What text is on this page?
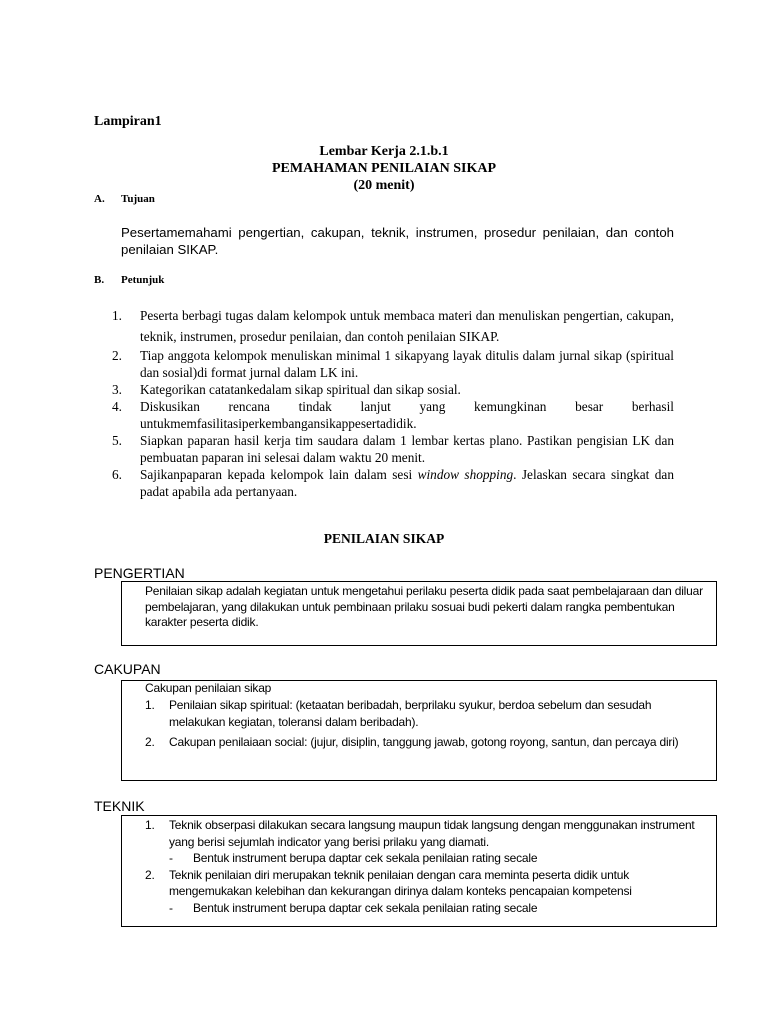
Lampiran1
Lembar Kerja 2.1.b.1
PEMAHAMAN PENILAIAN SIKAP
(20 menit)
A. Tujuan
Pesertamemahami pengertian, cakupan, teknik, instrumen, prosedur penilaian, dan contoh penilaian SIKAP.
B. Petunjuk
1. Peserta berbagi tugas dalam kelompok untuk membaca materi dan menuliskan pengertian, cakupan, teknik, instrumen, prosedur penilaian, dan contoh penilaian SIKAP.
2. Tiap anggota kelompok menuliskan minimal 1 sikapyang layak ditulis dalam jurnal sikap (spiritual dan sosial)di format jurnal dalam LK ini.
3. Kategorikan catatankedalam sikap spiritual dan sikap sosial.
4. Diskusikan rencana tindak lanjut yang kemungkinan besar berhasil untukmemfasilitasiperkembangansikappesertadidik.
5. Siapkan paparan hasil kerja tim saudara dalam 1 lembar kertas plano. Pastikan pengisian LK dan pembuatan paparan ini selesai dalam waktu 20 menit.
6. Sajikanpaparan kepada kelompok lain dalam sesi window shopping. Jelaskan secara singkat dan padat apabila ada pertanyaan.
PENILAIAN SIKAP
PENGERTIAN
Penilaian sikap adalah kegiatan untuk mengetahui perilaku peserta didik pada saat pembelajaraan dan diluar pembelajaran, yang dilakukan untuk pembinaan prilaku sosuai budi pekerti dalam rangka pembentukan karakter peserta didik.
CAKUPAN
Cakupan penilaian sikap
1. Penilaian sikap spiritual: (ketaatan beribadah, berprilaku syukur, berdoa sebelum dan sesudah melakukan kegiatan, toleransi dalam beribadah).
2. Cakupan penilaiaan social: (jujur, disiplin, tanggung jawab, gotong royong, santun, dan percaya diri)
TEKNIK
1. Teknik obserpasi dilakukan secara langsung maupun tidak langsung dengan menggunakan instrument yang berisi sejumlah indicator yang berisi prilaku yang diamati.
- Bentuk instrument berupa daptar cek sekala penilaian rating secale
2. Teknik penilaian diri merupakan teknik penilaian dengan cara meminta peserta didik untuk mengemukakan kelebihan dan kekurangan dirinya dalam konteks pencapaian kompetensi
- Bentuk instrument berupa daptar cek sekala penilaian rating secale
